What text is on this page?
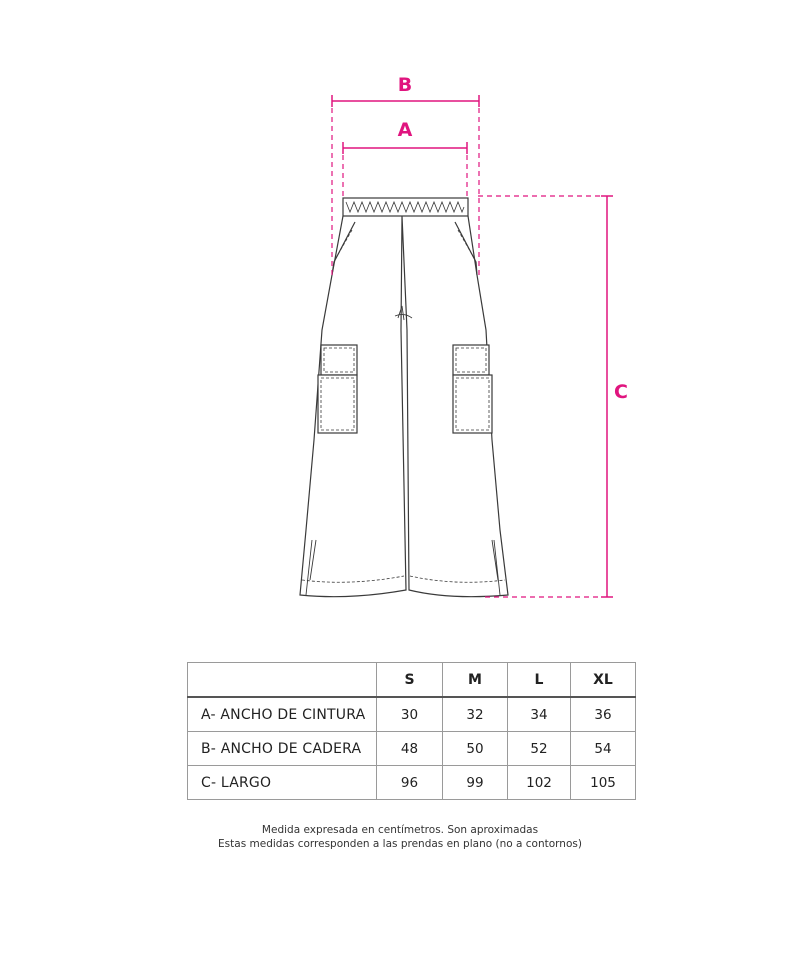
B
A
C
	S	M	L	XL
A- ANCHO DE CINTURA	30	32	34	36
B- ANCHO DE CADERA	48	50	52	54
C- LARGO	96	99	102	105
Medida expresada en centímetros. Son aproximadas
Estas medidas corresponden a las prendas en plano (no a contornos)
